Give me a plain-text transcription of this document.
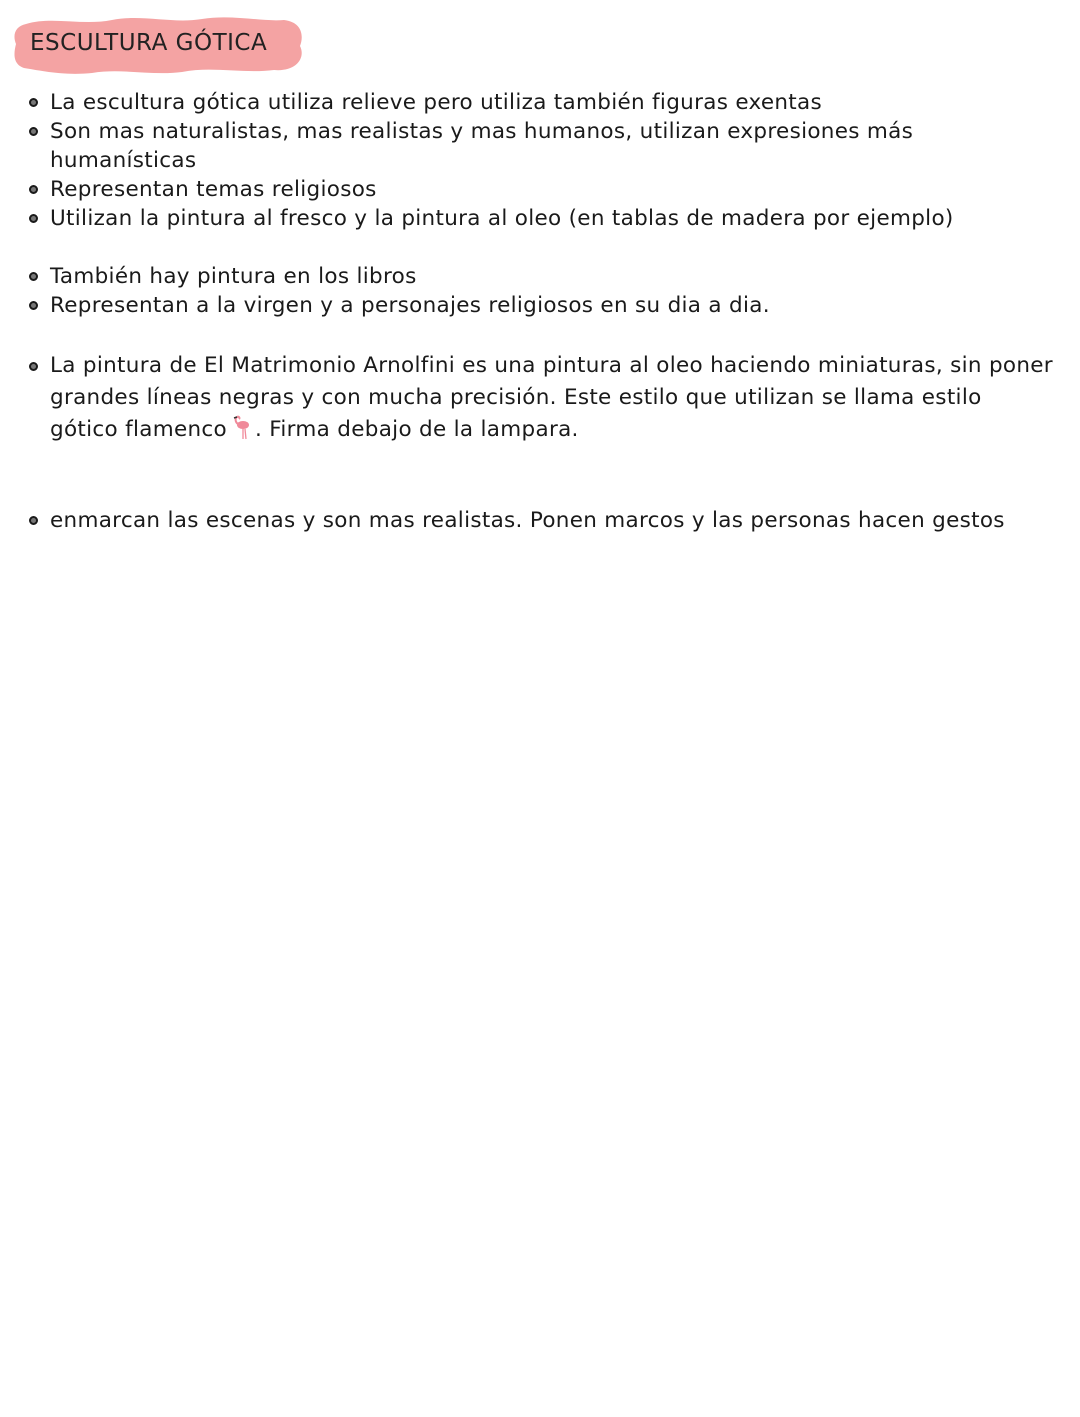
ESCULTURA GÓTICA
La escultura gótica utiliza relieve pero utiliza también figuras exentas
Son mas naturalistas, mas realistas y mas humanos, utilizan expresiones más humanísticas
Representan temas religiosos
Utilizan la pintura al fresco y la pintura al oleo (en tablas de madera por ejemplo)
También hay pintura en los libros
Representan a la virgen y a personajes religiosos en su dia a dia.
La pintura de El Matrimonio Arnolfini es una pintura al oleo haciendo miniaturas, sin poner grandes líneas negras y con mucha precisión. Este estilo que utilizan se llama estilo gótico flamenco . Firma debajo de la lampara.
enmarcan las escenas y son mas realistas. Ponen marcos y las personas hacen gestos
